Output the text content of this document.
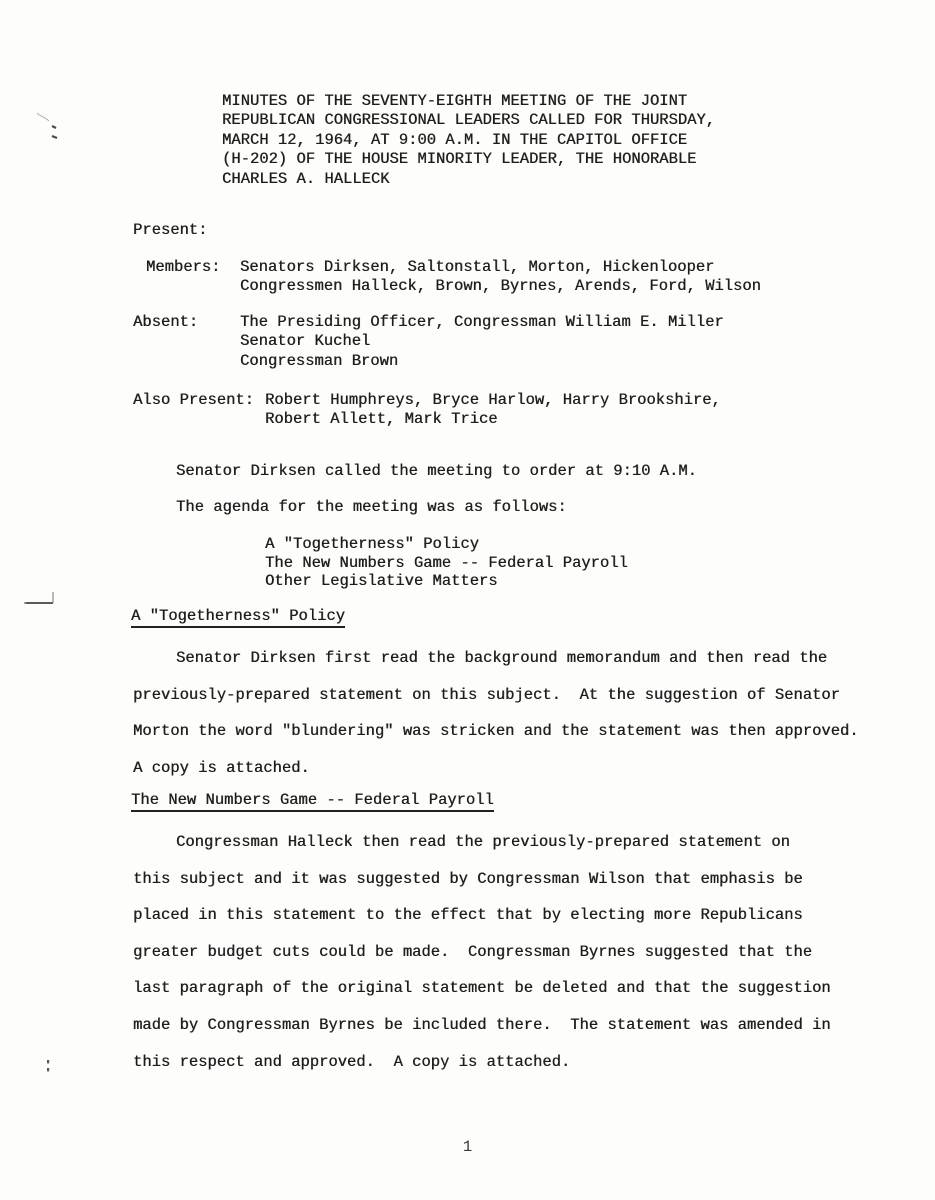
MINUTES OF THE SEVENTY-EIGHTH MEETING OF THE JOINT
REPUBLICAN CONGRESSIONAL LEADERS CALLED FOR THURSDAY,
MARCH 12, 1964, AT 9:00 A.M. IN THE CAPITOL OFFICE
(H-202) OF THE HOUSE MINORITY LEADER, THE HONORABLE
CHARLES A. HALLECK
Present:
Members: Senators Dirksen, Saltonstall, Morton, Hickenlooper
Congressmen Halleck, Brown, Byrnes, Arends, Ford, Wilson
Absent:	The Presiding Officer, Congressman William E. Miller
Senator Kuchel
Congressman Brown
Also Present: Robert Humphreys, Bryce Harlow, Harry Brookshire,
Robert Allett, Mark Trice
Senator Dirksen called the meeting to order at 9:10 A.M.
The agenda for the meeting was as follows:
A "Togetherness" Policy
The New Numbers Game -- Federal Payroll
Other Legislative Matters
A "Togetherness" Policy
Senator Dirksen first read the background memorandum and then read the
previously-prepared statement on this subject.  At the suggestion of Senator
Morton the word "blundering" was stricken and the statement was then approved.
A copy is attached.
The New Numbers Game -- Federal Payroll
Congressman Halleck then read the previously-prepared statement on
this subject and it was suggested by Congressman Wilson that emphasis be
placed in this statement to the effect that by electing more Republicans
greater budget cuts could be made.  Congressman Byrnes suggested that the
last paragraph of the original statement be deleted and that the suggestion
made by Congressman Byrnes be included there.  The statement was amended in
this respect and approved.  A copy is attached.
1
